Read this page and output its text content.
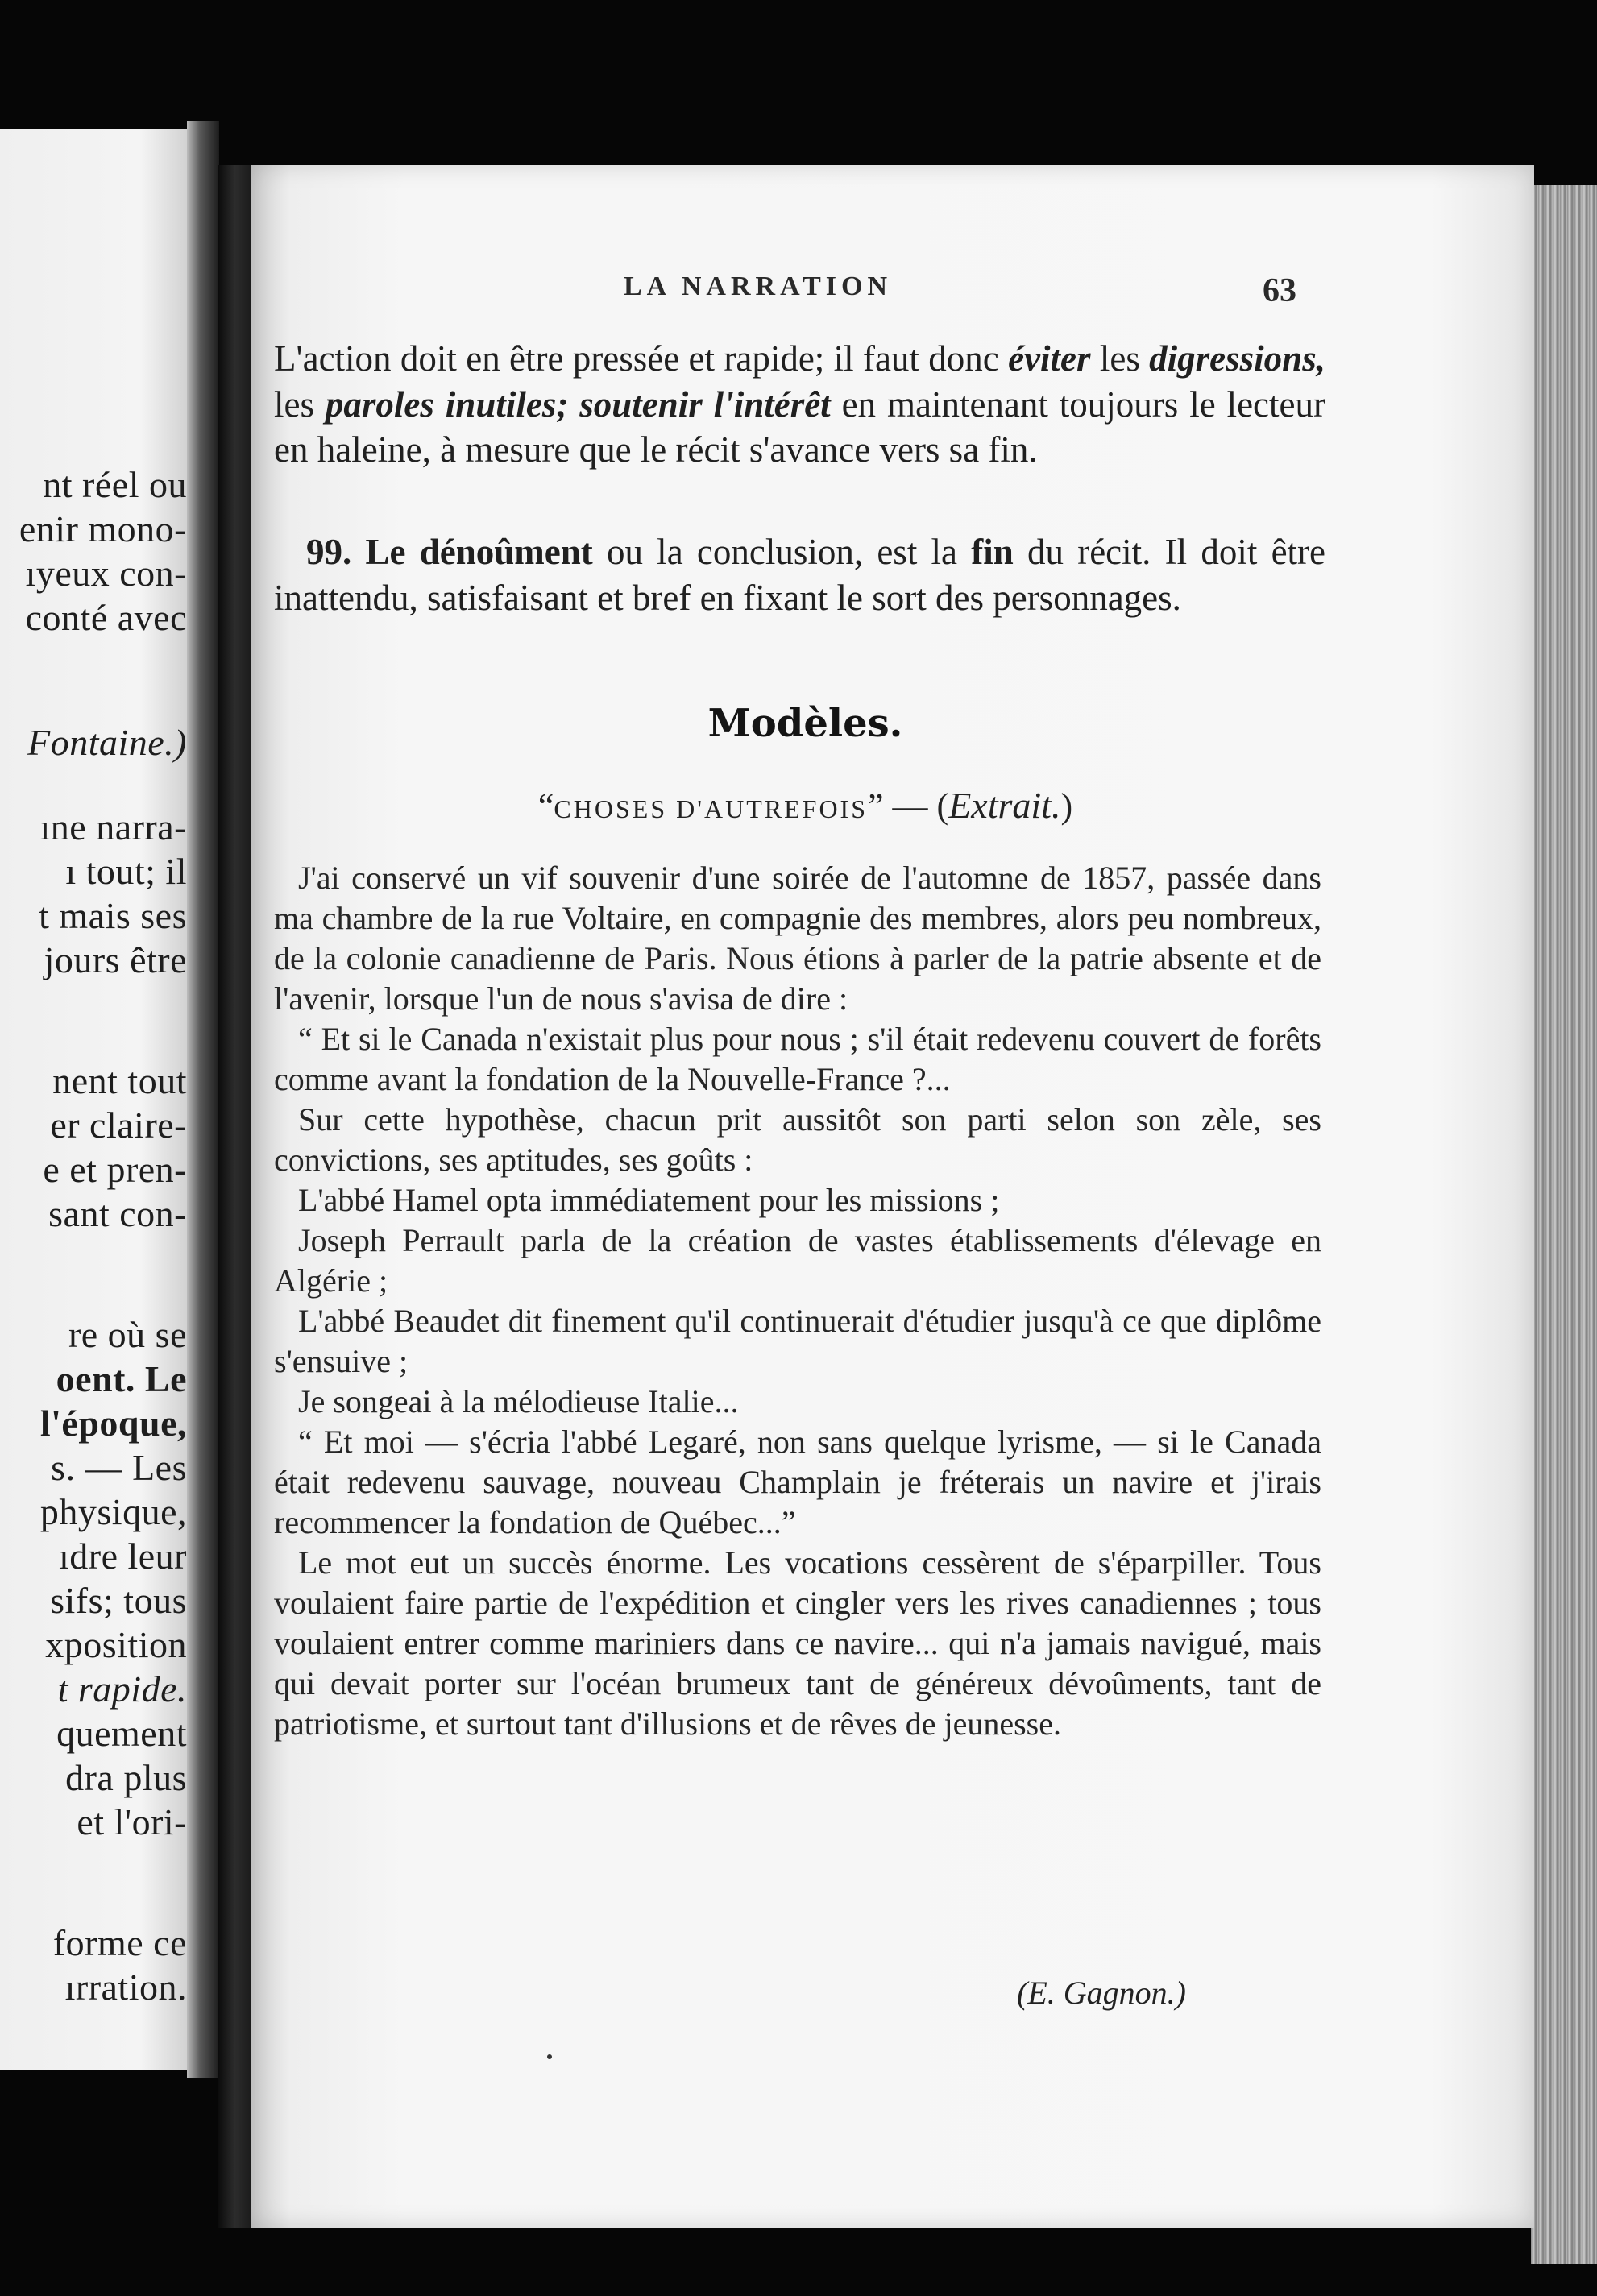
nt réel ou
enir mono-
ıyeux con-
conté avec
Fontaine.)
ıne narra-
ı tout; il
t mais ses
jours être
nent tout
er claire-
e et pren-
sant con-
re où se
oent. Le
l'époque,
s. — Les
physique,
ıdre leur
sifs; tous
xposition
t rapide.
quement
dra plus
et l'ori-
forme ce
ırration.
LA NARRATION	63
L'action doit en être pressée et rapide; il faut donc éviter les digressions, les paroles inutiles; soutenir l'intérêt en maintenant toujours le lecteur en haleine, à mesure que le récit s'avance vers sa fin.
99. Le dénoûment ou la conclusion, est la fin du récit. Il doit être inattendu, satisfaisant et bref en fixant le sort des personnages.
Modèles.
“CHOSES D'AUTREFOIS” — (Extrait.)

J'ai conservé un vif souvenir d'une soirée de l'automne de 1857, passée dans ma chambre de la rue Voltaire, en compagnie des membres, alors peu nombreux, de la colonie canadienne de Paris. Nous étions à parler de la patrie absente et de l'avenir, lorsque l'un de nous s'avisa de dire :

“ Et si le Canada n'existait plus pour nous ; s'il était redevenu couvert de forêts comme avant la fondation de la Nouvelle-France ?...

Sur cette hypothèse, chacun prit aussitôt son parti selon son zèle, ses convictions, ses aptitudes, ses goûts :

L'abbé Hamel opta immédiatement pour les missions ;

Joseph Perrault parla de la création de vastes établissements d'élevage en Algérie ;

L'abbé Beaudet dit finement qu'il continuerait d'étudier jusqu'à ce que diplôme s'ensuive ;

Je songeai à la mélodieuse Italie...

“ Et moi — s'écria l'abbé Legaré, non sans quelque lyrisme, — si le Canada était redevenu sauvage, nouveau Champlain je fréterais un navire et j'irais recommencer la fondation de Québec...”

Le mot eut un succès énorme. Les vocations cessèrent de s'éparpiller. Tous voulaient faire partie de l'expédition et cingler vers les rives canadiennes ; tous voulaient entrer comme mariniers dans ce navire... qui n'a jamais navigué, mais qui devait porter sur l'océan brumeux tant de généreux dévoûments, tant de patriotisme, et surtout tant d'illusions et de rêves de jeunesse.

(E. Gagnon.)
